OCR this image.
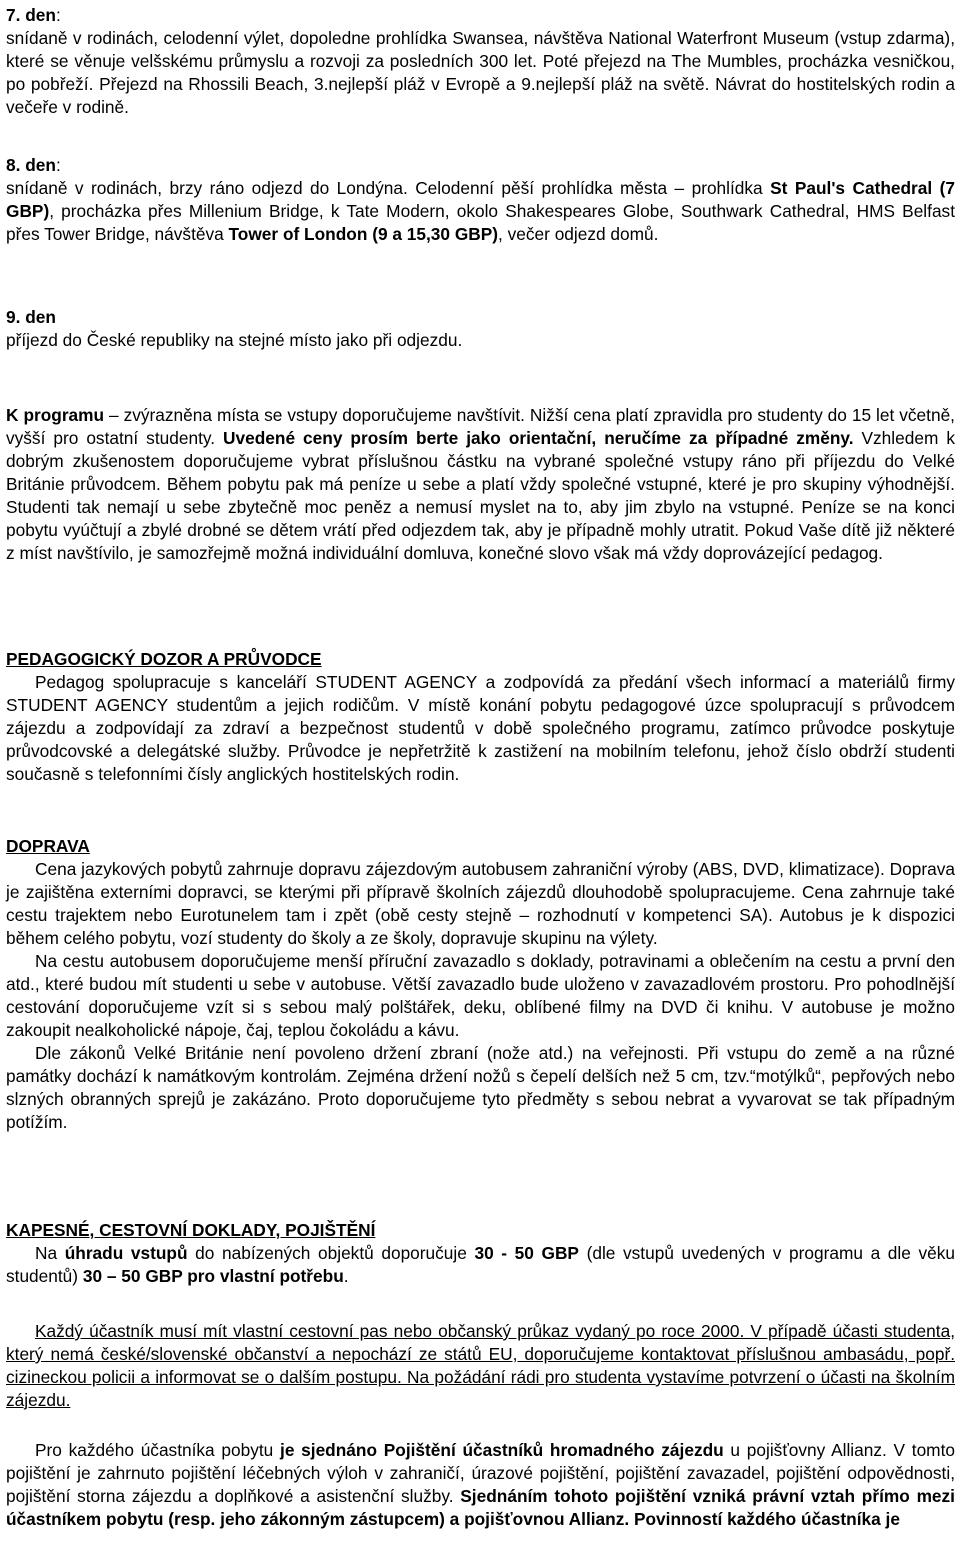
7. den:

snídaně v rodinách, celodenní výlet, dopoledne prohlídka Swansea, návštěva National Waterfront Museum (vstup zdarma), které se věnuje velšskému průmyslu a rozvoji za posledních 300 let. Poté přejezd na The Mumbles, procházka vesničkou, po pobřeží. Přejezd na Rhossili Beach, 3.nejlepší pláž v Evropě a 9.nejlepší pláž na světě. Návrat do hostitelských rodin a večeře v rodině.

8. den:

snídaně v rodinách, brzy ráno odjezd do Londýna. Celodenní pěší prohlídka města – prohlídka St Paul's Cathedral (7 GBP), procházka přes Millenium Bridge, k Tate Modern, okolo Shakespeares Globe, Southwark Cathedral, HMS Belfast přes Tower Bridge, návštěva Tower of London (9 a 15,30 GBP), večer odjezd domů.

9. den

příjezd do České republiky na stejné místo jako při odjezdu.

K programu – zvýrazněna místa se vstupy doporučujeme navštívit. Nižší cena platí zpravidla pro studenty do 15 let včetně, vyšší pro ostatní studenty. Uvedené ceny prosím berte jako orientační, neručíme za případné změny. Vzhledem k dobrým zkušenostem doporučujeme vybrat příslušnou částku na vybrané společné vstupy ráno při příjezdu do Velké Británie průvodcem. Během pobytu pak má peníze u sebe a platí vždy společné vstupné, které je pro skupiny výhodnější. Studenti tak nemají u sebe zbytečně moc peněz a nemusí myslet na to, aby jim zbylo na vstupné. Peníze se na konci pobytu vyúčtují a zbylé drobné se dětem vrátí před odjezdem tak, aby je případně mohly utratit. Pokud Vaše dítě již některé z míst navštívilo, je samozřejmě možná individuální domluva, konečné slovo však má vždy doprovázející pedagog.

PEDAGOGICKÝ DOZOR A PRŮVODCE

Pedagog spolupracuje s kanceláří STUDENT AGENCY a zodpovídá za předání všech informací a materiálů firmy STUDENT AGENCY studentům a jejich rodičům. V místě konání pobytu pedagogové úzce spolupracují s průvodcem zájezdu a zodpovídají za zdraví a bezpečnost studentů v době společného programu, zatímco průvodce poskytuje průvodcovské a delegátské služby. Průvodce je nepřetržitě k zastižení na mobilním telefonu, jehož číslo obdrží studenti současně s telefonními čísly anglických hostitelských rodin.

DOPRAVA

Cena jazykových pobytů zahrnuje dopravu zájezdovým autobusem zahraniční výroby (ABS, DVD, klimatizace). Doprava je zajištěna externími dopravci, se kterými při přípravě školních zájezdů dlouhodobě spolupracujeme. Cena zahrnuje také cestu trajektem nebo Eurotunelem tam i zpět (obě cesty stejně – rozhodnutí v kompetenci SA). Autobus je k dispozici během celého pobytu, vozí studenty do školy a ze školy, dopravuje skupinu na výlety.

Na cestu autobusem doporučujeme menší příruční zavazadlo s doklady, potravinami a oblečením na cestu a první den atd., které budou mít studenti u sebe v autobuse. Větší zavazadlo bude uloženo v zavazadlovém prostoru. Pro pohodlnější cestování doporučujeme vzít si s sebou malý polštářek, deku, oblíbené filmy na DVD či knihu. V autobuse je možno zakoupit nealkoholické nápoje, čaj, teplou čokoládu a kávu.

Dle zákonů Velké Británie není povoleno držení zbraní (nože atd.) na veřejnosti. Při vstupu do země a na různé památky dochází k namátkovým kontrolám. Zejména držení nožů s čepelí delších než 5 cm, tzv.“motýlků“, pepřových nebo slzných obranných sprejů je zakázáno. Proto doporučujeme tyto předměty s sebou nebrat a vyvarovat se tak případným potížím.

KAPESNÉ, CESTOVNÍ DOKLADY, POJIŠTĚNÍ

Na úhradu vstupů do nabízených objektů doporučuje 30 - 50 GBP (dle vstupů uvedených v programu a dle věku studentů) 30 – 50 GBP pro vlastní potřebu.

Každý účastník musí mít vlastní cestovní pas nebo občanský průkaz vydaný po roce 2000. V případě účasti studenta, který nemá české/slovenské občanství a nepochází ze států EU, doporučujeme kontaktovat příslušnou ambasádu, popř. cizineckou policii a informovat se o dalším postupu. Na požádání rádi pro studenta vystavíme potvrzení o účasti na školním zájezdu.

Pro každého účastníka pobytu je sjednáno Pojištění účastníků hromadného zájezdu u pojišťovny Allianz. V tomto pojištění je zahrnuto pojištění léčebných výloh v zahraničí, úrazové pojištění, pojištění zavazadel, pojištění odpovědnosti, pojištění storna zájezdu a doplňkové a asistenční služby. Sjednáním tohoto pojištění vzniká právní vztah přímo mezi účastníkem pobytu (resp. jeho zákonným zástupcem) a pojišťovnou Allianz. Povinností každého účastníka je
